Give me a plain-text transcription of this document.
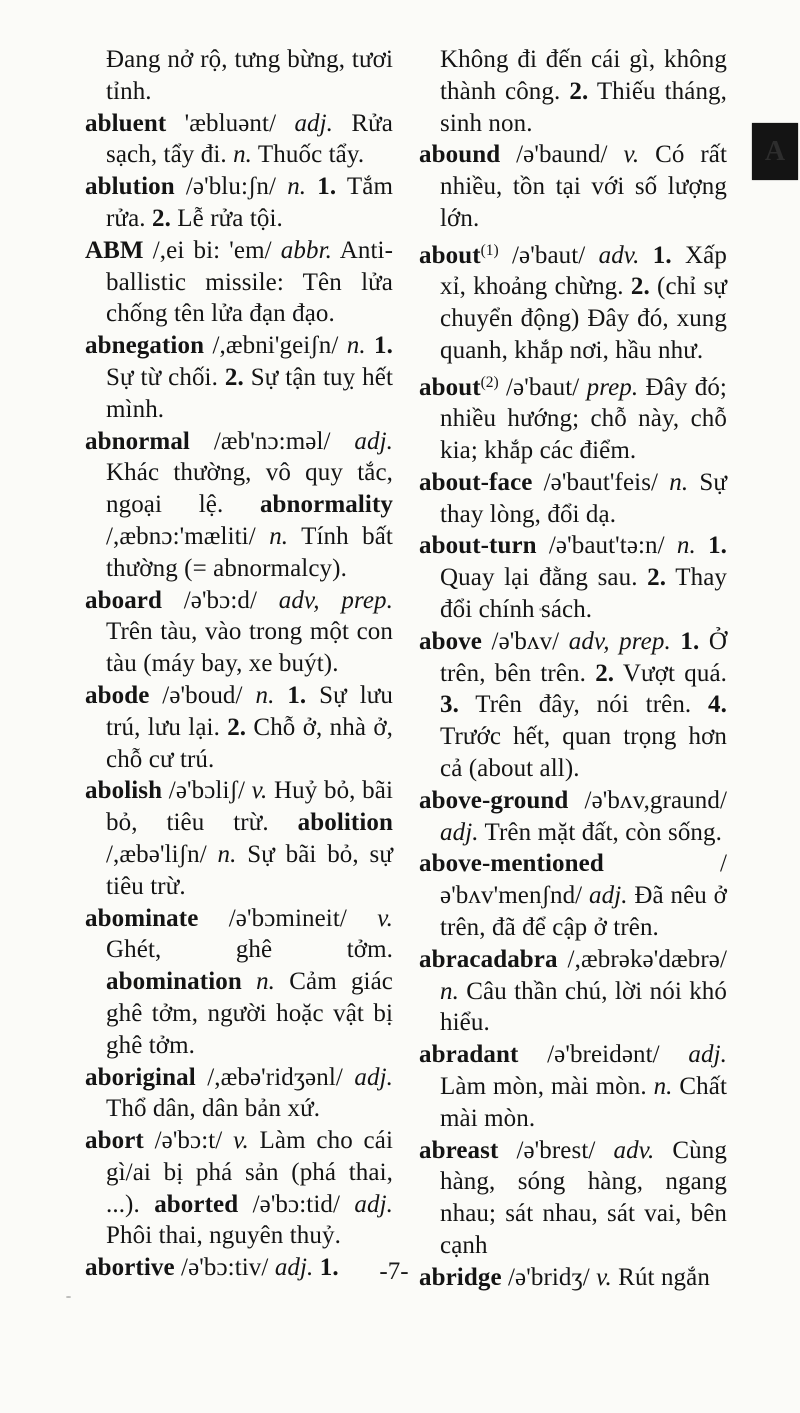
Đang nở rộ, tưng bừng, tươi tỉnh.
abluent 'æbluənt/ adj. Rửa sạch, tẩy đi. n. Thuốc tẩy.
ablution /ə'blu:ʃn/ n. 1. Tắm rửa. 2. Lễ rửa tội.
ABM /,ei bi: 'em/ abbr. Anti-ballistic missile: Tên lửa chống tên lửa đạn đạo.
abnegation /,æbni'geiʃn/ n. 1. Sự từ chối. 2. Sự tận tuỵ hết mình.
abnormal /æb'nɔ:məl/ adj. Khác thường, vô quy tắc, ngoại lệ. abnormality /,æbnɔ:'mæliti/ n. Tính bất thường (= abnormalcy).
aboard /ə'bɔ:d/ adv, prep. Trên tàu, vào trong một con tàu (máy bay, xe buýt).
abode /ə'boud/ n. 1. Sự lưu trú, lưu lại. 2. Chỗ ở, nhà ở, chỗ cư trú.
abolish /ə'bɔliʃ/ v. Huỷ bỏ, bãi bỏ, tiêu trừ. abolition /,æbə'liʃn/ n. Sự bãi bỏ, sự tiêu trừ.
abominate /ə'bɔmineit/ v. Ghét, ghê tởm. abomination n. Cảm giác ghê tởm, người hoặc vật bị ghê tởm.
aboriginal /,æbə'ridʒənl/ adj. Thổ dân, dân bản xứ.
abort /ə'bɔ:t/ v. Làm cho cái gì/ai bị phá sản (phá thai, ...). aborted /ə'bɔ:tid/ adj. Phôi thai, nguyên thuỷ.
abortive /ə'bɔ:tiv/ adj. 1.
Không đi đến cái gì, không thành công. 2. Thiếu tháng, sinh non.
abound /ə'baund/ v. Có rất nhiều, tồn tại với số lượng lớn.
about$^{(1)}$ /ə'baut/ adv. 1. Xấp xỉ, khoảng chừng. 2. (chỉ sự chuyển động) Đây đó, xung quanh, khắp nơi, hầu như.
about$^{(2)}$ /ə'baut/ prep. Đây đó; nhiều hướng; chỗ này, chỗ kia; khắp các điểm.
about-face /ə'baut'feis/ n. Sự thay lòng, đổi dạ.
about-turn /ə'baut'tə:n/ n. 1. Quay lại đằng sau. 2. Thay đổi chính sách.
above /ə'bʌv/ adv, prep. 1. Ở trên, bên trên. 2. Vượt quá. 3. Trên đây, nói trên. 4. Trước hết, quan trọng hơn cả (about all).
above-ground /ə'bʌv,graund/ adj. Trên mặt đất, còn sống.
above-mentioned /ə'bʌv'menʃnd/ adj. Đã nêu ở trên, đã để cập ở trên.
abracadabra /,æbrəkə'dæbrə/ n. Câu thần chú, lời nói khó hiểu.
abradant /ə'breidənt/ adj. Làm mòn, mài mòn. n. Chất mài mòn.
abreast /ə'brest/ adv. Cùng hàng, sóng hàng, ngang nhau; sát nhau, sát vai, bên cạnh
abridge /ə'bridʒ/ v. Rút ngắn
A
-7-
